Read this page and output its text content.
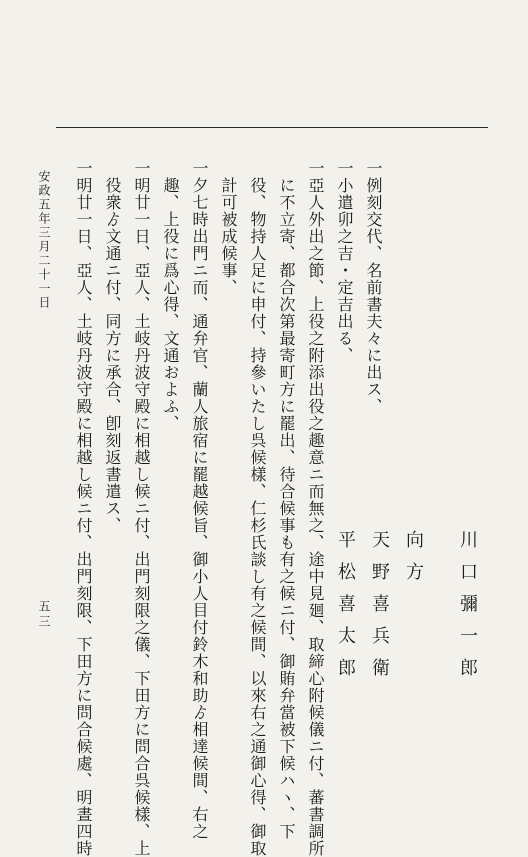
川口彌一郎
向方
天野喜兵衛
平松喜太郎
一例刻交代、名前書夫々に出ス、
一小遣卯之吉・定吉出る、
一亞人外出之節、上役之附添出役之趣意ニ而無之、途中見廻、取締心附候儀ニ付、蕃書調所
に不立寄、都合次第最寄町方に罷出、待合候事も有之候ニ付、御賄弁當被下候ハヽ、下
役、物持人足に申付、持參いたし呉候樣、仁杉氏談し有之候間、以來右之通御心得、御取
計可被成候事、
一夕七時出門ニ而、通弁官、蘭人旅宿に罷越候旨、御小人目付鈴木和助ゟ相達候間、右之
趣、上役に爲心得、文通およふ、
一明廿一日、亞人、土岐丹波守殿に相越し候ニ付、出門刻限之儀、下田方に問合呉候樣、上
役衆ゟ文通ニ付、同方に承合、卽刻返書遣ス、
一明廿一日、亞人、土岐丹波守殿に相越し候ニ付、出門刻限、下田方に問合候處、明晝四時
安政五年三月二十一日
五三
